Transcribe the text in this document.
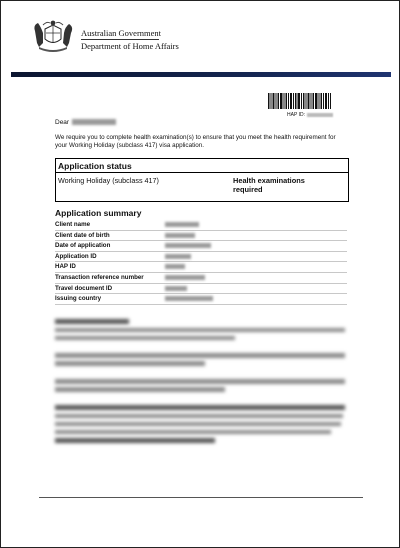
Australian Government
Department of Home Affairs
HAP ID:
Dear
We require you to complete health examination(s) to ensure that you meet the health requirement for your Working Holiday (subclass 417) visa application.
Application status
Working Holiday (subclass 417)	Health examinations required
Application summary
Client name
Client date of birth
Date of application
Application ID
HAP ID
Transaction reference number
Travel document ID
Issuing country
